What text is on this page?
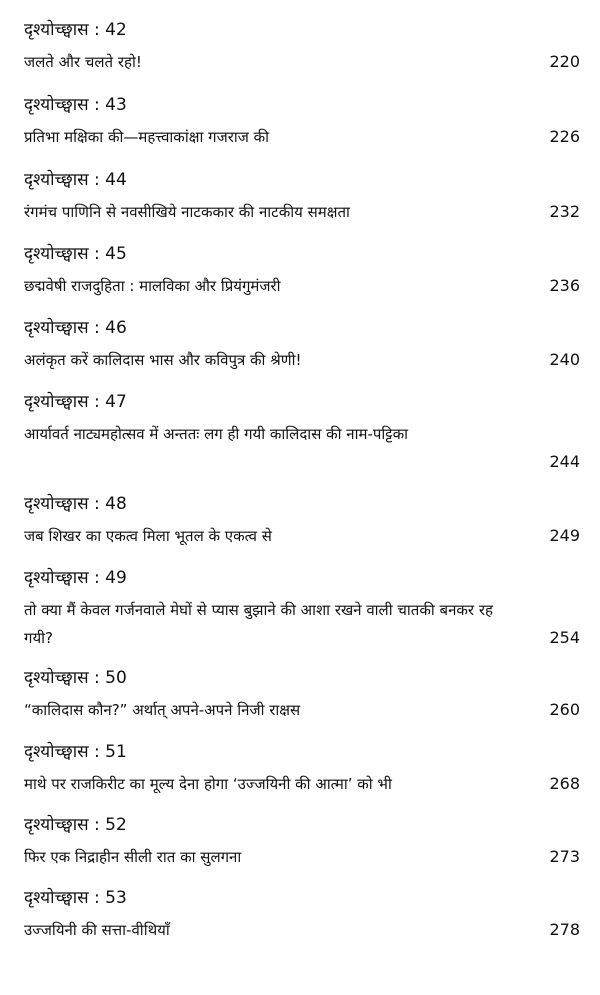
दृश्योच्छ्वास : 42
जलते और चलते रहो!	220
दृश्योच्छ्वास : 43
प्रतिभा मक्षिका की—महत्त्वाकांक्षा गजराज की	226
दृश्योच्छ्वास : 44
रंगमंच पाणिनि से नवसीखिये नाटककार की नाटकीय समक्षता	232
दृश्योच्छ्वास : 45
छद्मवेषी राजदुहिता : मालविका और प्रियंगुमंजरी	236
दृश्योच्छ्वास : 46
अलंकृत करें कालिदास भास और कविपुत्र की श्रेणी!	240
दृश्योच्छ्वास : 47
आर्यावर्त नाट्यमहोत्सव में अन्ततः लग ही गयी कालिदास की नाम-पट्टिका
244
दृश्योच्छ्वास : 48
जब शिखर का एकत्व मिला भूतल के एकत्व से	249
दृश्योच्छ्वास : 49
तो क्या मैं केवल गर्जनवाले मेघों से प्यास बुझाने की आशा रखने वाली चातकी बनकर रह गयी?	254
दृश्योच्छ्वास : 50
“कालिदास कौन?” अर्थात् अपने-अपने निजी राक्षस	260
दृश्योच्छ्वास : 51
माथे पर राजकिरीट का मूल्य देना होगा ‘उज्जयिनी की आत्मा’ को भी	268
दृश्योच्छ्वास : 52
फिर एक निद्राहीन सीली रात का सुलगना	273
दृश्योच्छ्वास : 53
उज्जयिनी की सत्ता-वीथियाँ	278
